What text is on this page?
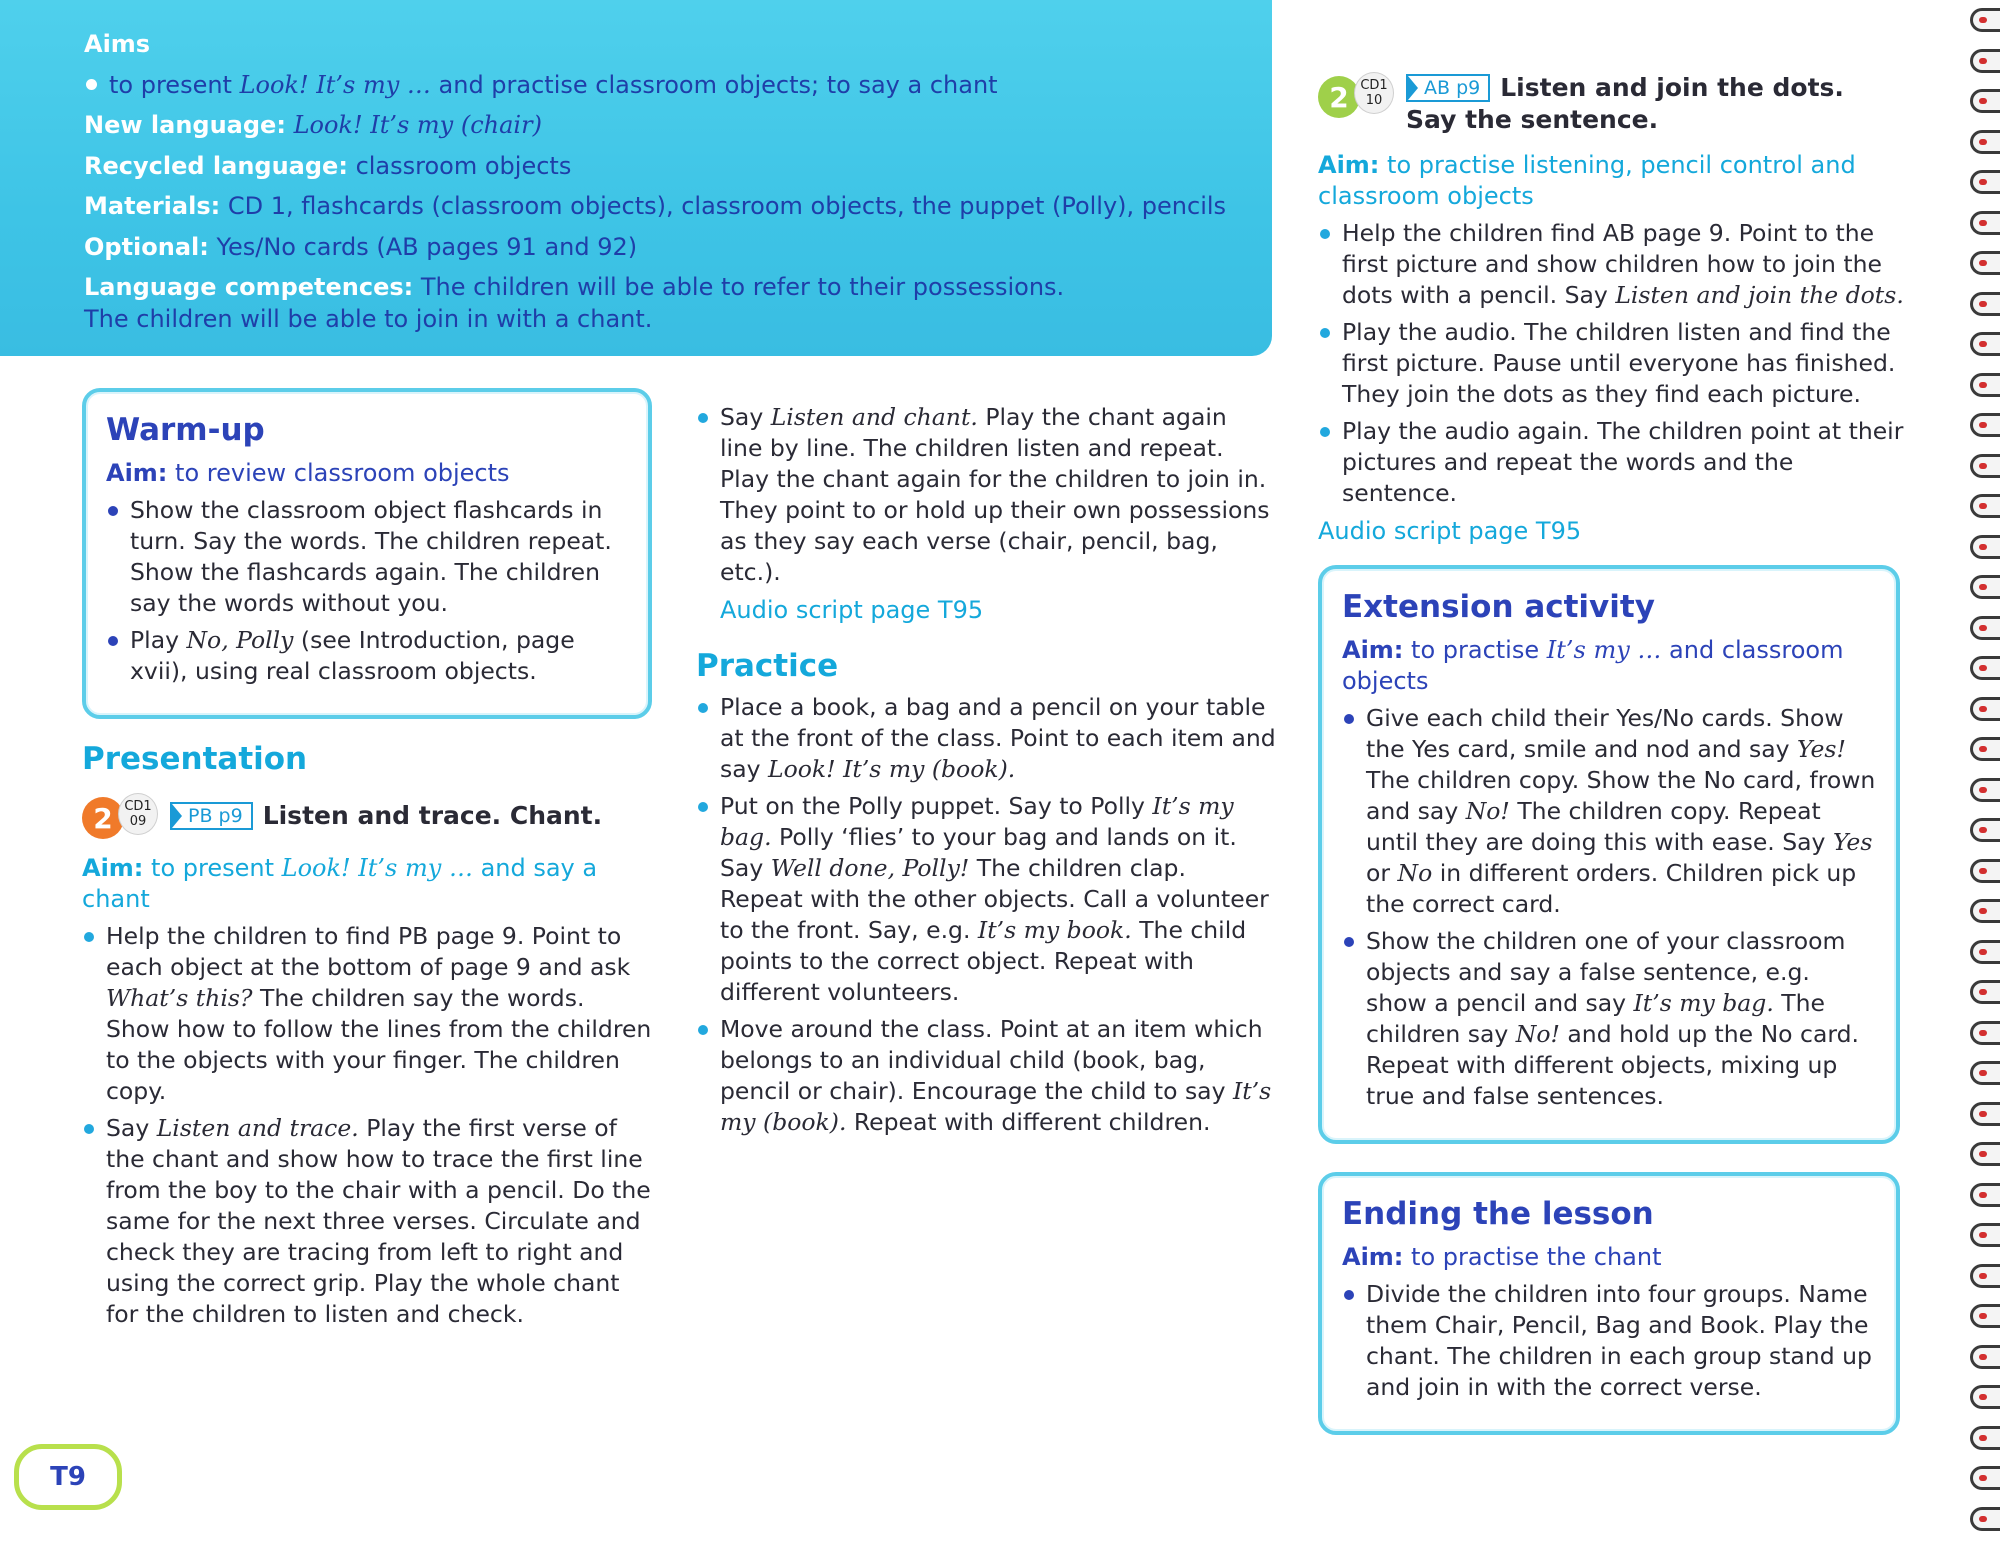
Aims
to present Look! It’s my … and practise classroom objects; to say a chant
New language: Look! It’s my (chair)
Recycled language: classroom objects
Materials: CD 1, flashcards (classroom objects), classroom objects, the puppet (Polly), pencils
Optional: Yes/No cards (AB pages 91 and 92)
Language competences: The children will be able to refer to their possessions.
The children will be able to join in with a chant.
Warm-up
Aim: to review classroom objects
Show the classroom object flashcards in turn. Say the words. The children repeat. Show the flashcards again. The children say the words without you.
Play No, Polly (see Introduction, page xvii), using real classroom objects.
Presentation
2 CD1
09	PB p9 Listen and trace. Chant.
Aim: to present Look! It’s my … and say a chant
Help the children to find PB page 9. Point to each object at the bottom of page 9 and ask What’s this? The children say the words. Show how to follow the lines from the children to the objects with your finger. The children copy.
Say Listen and trace. Play the first verse of the chant and show how to trace the first line from the boy to the chair with a pencil. Do the same for the next three verses. Circulate and check they are tracing from left to right and using the correct grip. Play the whole chant for the children to listen and check.
Say Listen and chant. Play the chant again line by line. The children listen and repeat. Play the chant again for the children to join in. They point to or hold up their own possessions as they say each verse (chair, pencil, bag, etc.).
Audio script page T95
Practice
Place a book, a bag and a pencil on your table at the front of the class. Point to each item and say Look! It’s my (book).
Put on the Polly puppet. Say to Polly It’s my bag. Polly ‘flies’ to your bag and lands on it. Say Well done, Polly! The children clap. Repeat with the other objects. Call a volunteer to the front. Say, e.g. It’s my book. The child points to the correct object. Repeat with different volunteers.
Move around the class. Point at an item which belongs to an individual child (book, bag, pencil or chair). Encourage the child to say It’s my (book). Repeat with different children.
2 CD1
10
AB p9 Listen and join the dots.
Say the sentence.
Aim: to practise listening, pencil control and classroom objects
Help the children find AB page 9. Point to the first picture and show children how to join the dots with a pencil. Say Listen and join the dots.
Play the audio. The children listen and find the first picture. Pause until everyone has finished. They join the dots as they find each picture.
Play the audio again. The children point at their pictures and repeat the words and the sentence.
Audio script page T95
Extension activity
Aim: to practise It’s my … and classroom objects
Give each child their Yes/No cards. Show the Yes card, smile and nod and say Yes! The children copy. Show the No card, frown and say No! The children copy. Repeat until they are doing this with ease. Say Yes or No in different orders. Children pick up the correct card.
Show the children one of your classroom objects and say a false sentence, e.g. show a pencil and say It’s my bag. The children say No! and hold up the No card. Repeat with different objects, mixing up true and false sentences.
Ending the lesson
Aim: to practise the chant
Divide the children into four groups. Name them Chair, Pencil, Bag and Book. Play the chant. The children in each group stand up and join in with the correct verse.
T9
